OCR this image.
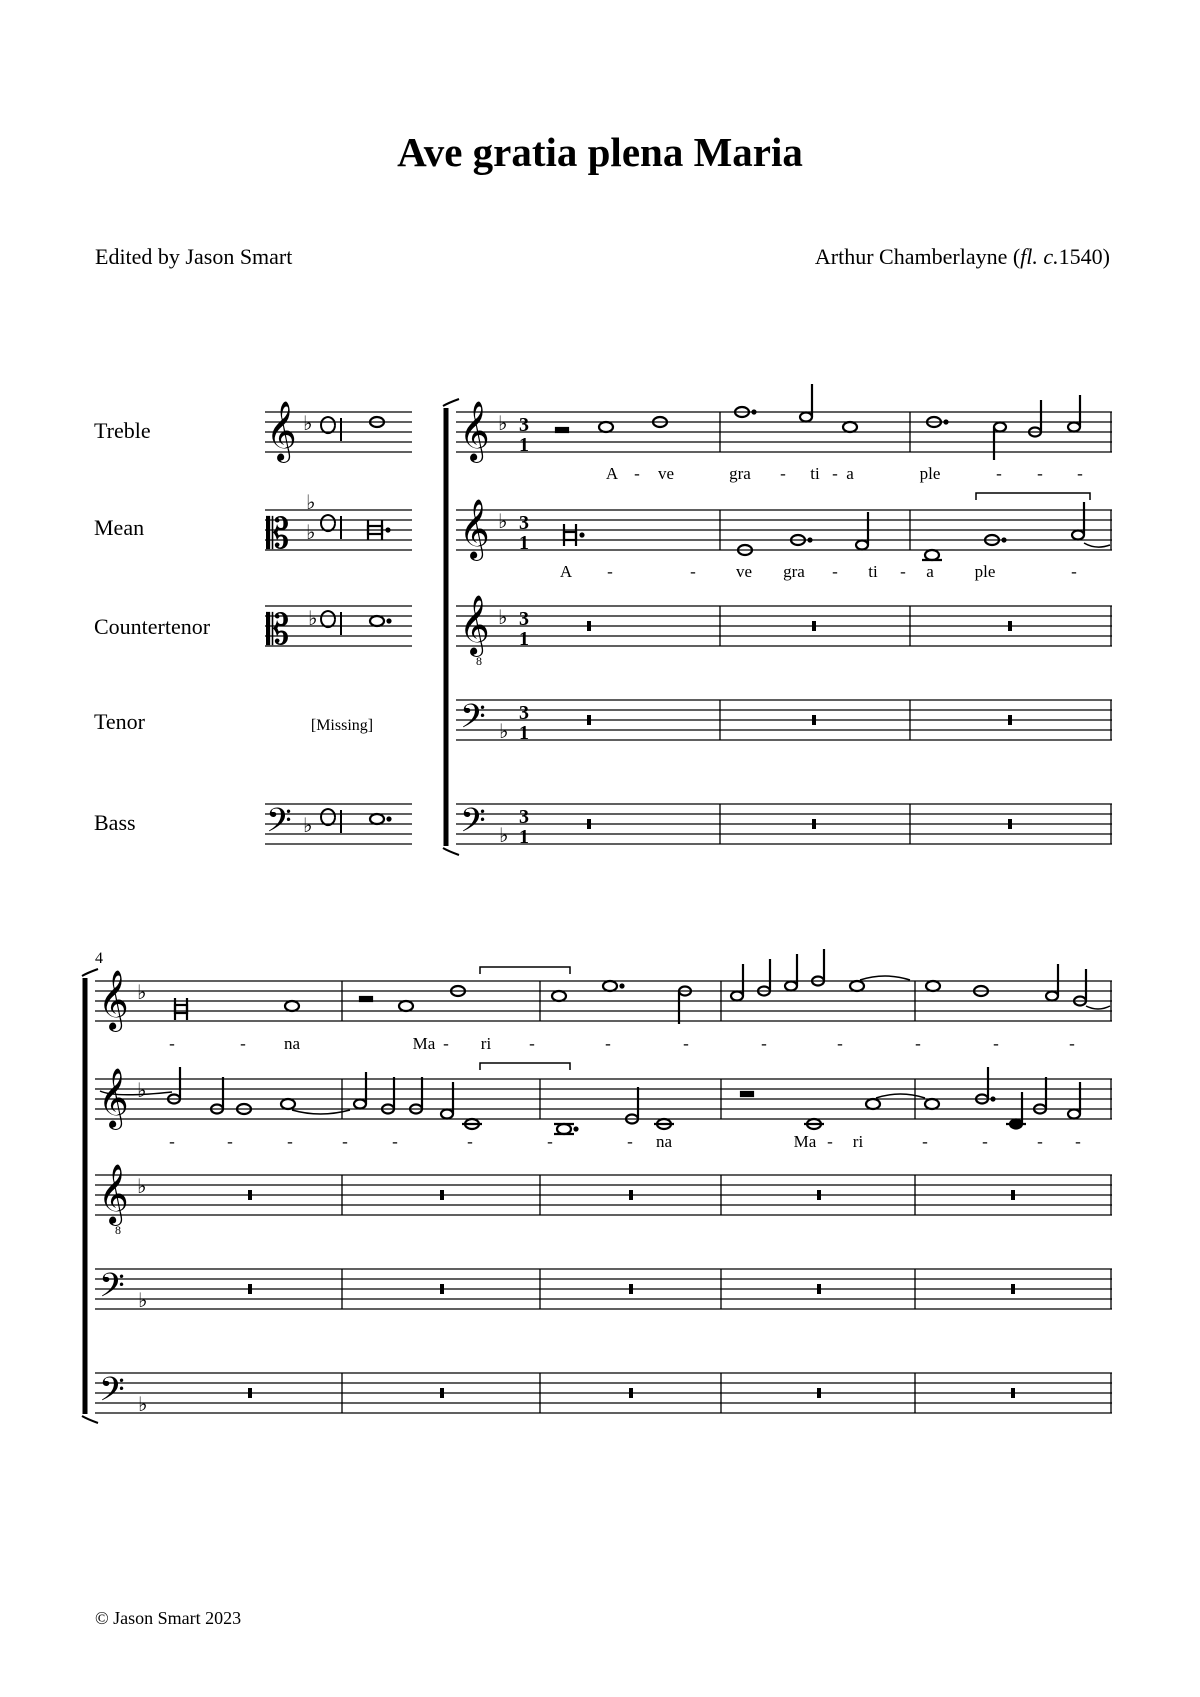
Ave gratia plena Maria
Edited by Jason Smart	Arthur Chamberlayne (fl. c.1540)
Treble
Mean
Countertenor
Tenor
Bass
𝄞
𝄡
𝄡
𝄢
♭
♭
♭
♭
♭
[Missing]
𝄞
𝄞
𝄞
8
𝄢
𝄢
♭
♭
♭
♭
♭
3
1
3
1
3
1
3
1
3
1
A - ve	gra - ti - a	ple	- - -
A -	- ve gra - ti - a ple	-
4
𝄞
𝄞
𝄞
8
𝄢
𝄢
♭
♭
♭
♭
♭
-	- na	Ma - ri -	-	-	-	-	-	-	-
-	-	-	-	-	-	-	- na	Ma - ri	-	-	- -
© Jason Smart 2023
